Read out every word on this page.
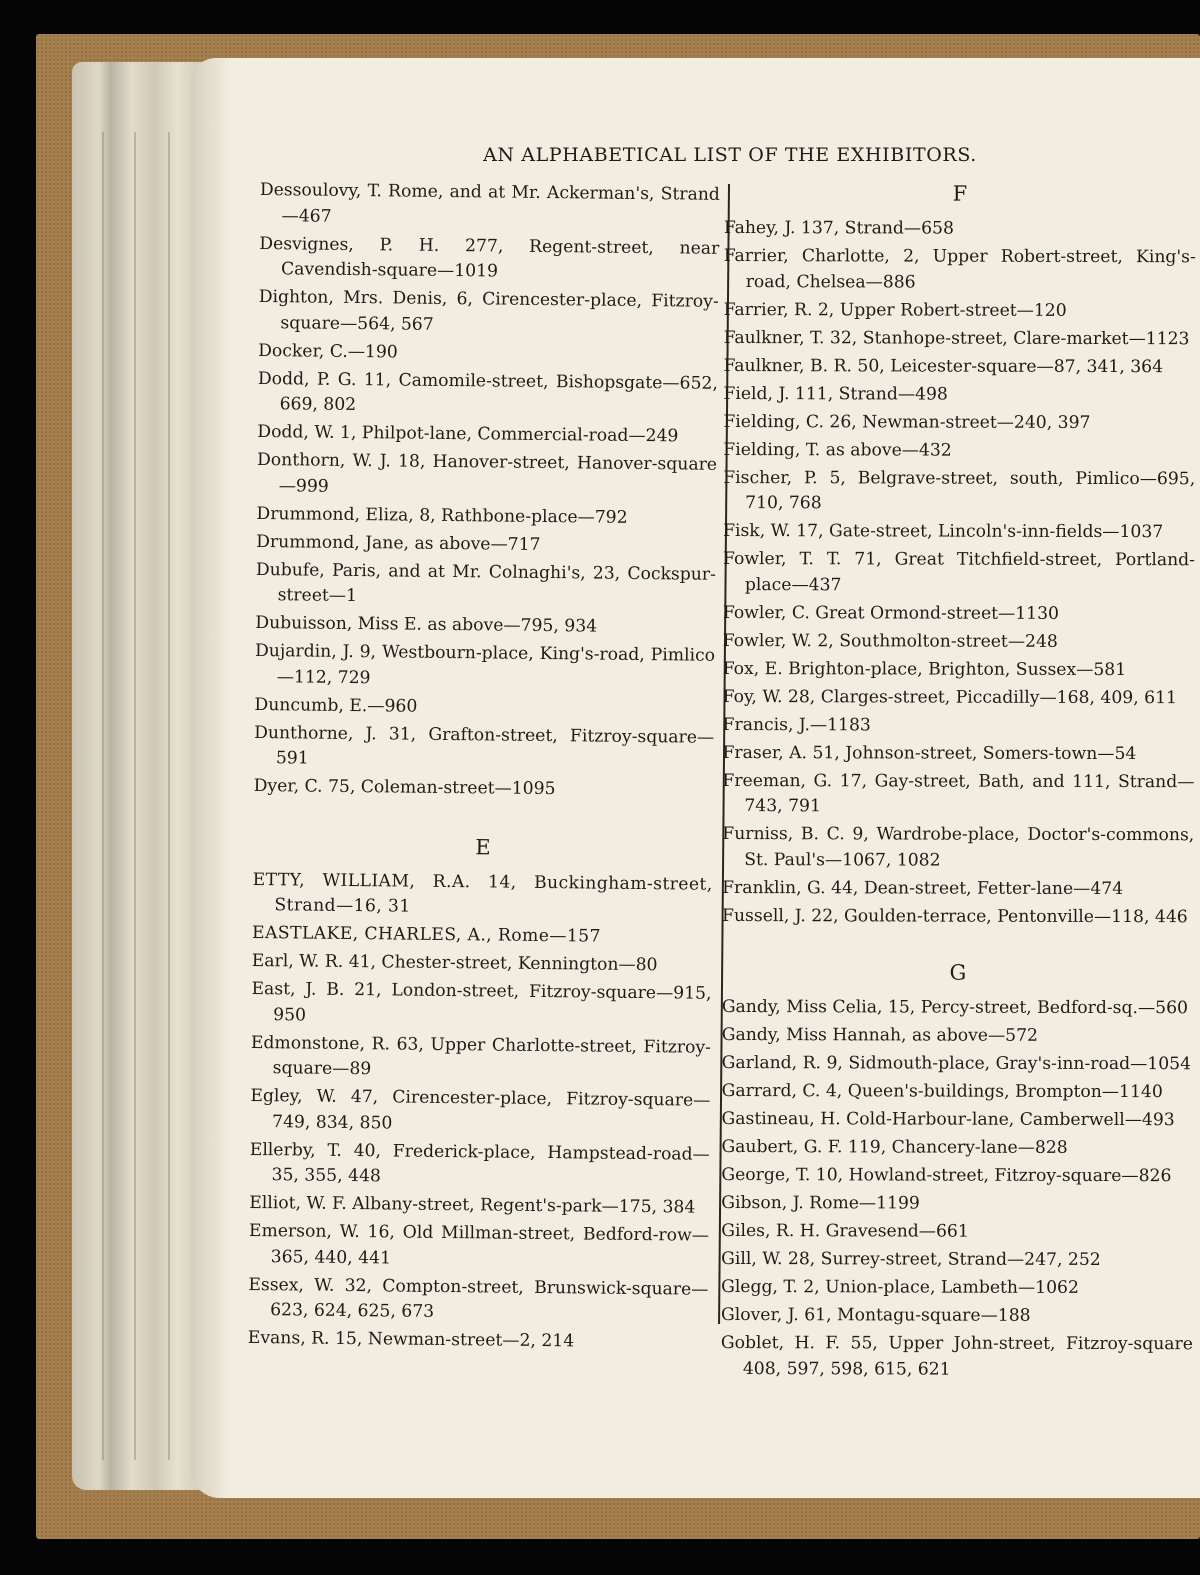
AN ALPHABETICAL LIST OF THE EXHIBITORS.
Dessoulovy, T. Rome, and at Mr. Ackerman's, Strand —467
Desvignes, P. H. 277, Regent-street, near Cavendish-square—1019
Dighton, Mrs. Denis, 6, Cirencester-place, Fitzroy-square—564, 567
Docker, C.—190
Dodd, P. G. 11, Camomile-street, Bishopsgate—652, 669, 802
Dodd, W. 1, Philpot-lane, Commercial-road—249
Donthorn, W. J. 18, Hanover-street, Hanover-square —999
Drummond, Eliza, 8, Rathbone-place—792
Drummond, Jane, as above—717
Dubufe, Paris, and at Mr. Colnaghi's, 23, Cockspur-street—1
Dubuisson, Miss E. as above—795, 934
Dujardin, J. 9, Westbourn-place, King's-road, Pimlico —112, 729
Duncumb, E.—960
Dunthorne, J. 31, Grafton-street, Fitzroy-square—591
Dyer, C. 75, Coleman-street—1095
E
ETTY, WILLIAM, R.A. 14, Buckingham-street, Strand—16, 31
EASTLAKE, CHARLES, A., Rome—157
Earl, W. R. 41, Chester-street, Kennington—80
East, J. B. 21, London-street, Fitzroy-square—915, 950
Edmonstone, R. 63, Upper Charlotte-street, Fitzroy-square—89
Egley, W. 47, Cirencester-place, Fitzroy-square—749, 834, 850
Ellerby, T. 40, Frederick-place, Hampstead-road—35, 355, 448
Elliot, W. F. Albany-street, Regent's-park—175, 384
Emerson, W. 16, Old Millman-street, Bedford-row— 365, 440, 441
Essex, W. 32, Compton-street, Brunswick-square— 623, 624, 625, 673
Evans, R. 15, Newman-street—2, 214
F
Fahey, J. 137, Strand—658
Farrier, Charlotte, 2, Upper Robert-street, King's-road, Chelsea—886
Farrier, R. 2, Upper Robert-street—120
Faulkner, T. 32, Stanhope-street, Clare-market—1123
Faulkner, B. R. 50, Leicester-square—87, 341, 364
Field, J. 111, Strand—498
Fielding, C. 26, Newman-street—240, 397
Fielding, T. as above—432
Fischer, P. 5, Belgrave-street, south, Pimlico—695, 710, 768
Fisk, W. 17, Gate-street, Lincoln's-inn-fields—1037
Fowler, T. T. 71, Great Titchfield-street, Portland-place—437
Fowler, C. Great Ormond-street—1130
Fowler, W. 2, Southmolton-street—248
Fox, E. Brighton-place, Brighton, Sussex—581
Foy, W. 28, Clarges-street, Piccadilly—168, 409, 611
Francis, J.—1183
Fraser, A. 51, Johnson-street, Somers-town—54
Freeman, G. 17, Gay-street, Bath, and 111, Strand— 743, 791
Furniss, B. C. 9, Wardrobe-place, Doctor's-commons, St. Paul's—1067, 1082
Franklin, G. 44, Dean-street, Fetter-lane—474
Fussell, J. 22, Goulden-terrace, Pentonville—118, 446
G
Gandy, Miss Celia, 15, Percy-street, Bedford-sq.—560
Gandy, Miss Hannah, as above—572
Garland, R. 9, Sidmouth-place, Gray's-inn-road—1054
Garrard, C. 4, Queen's-buildings, Brompton—1140
Gastineau, H. Cold-Harbour-lane, Camberwell—493
Gaubert, G. F. 119, Chancery-lane—828
George, T. 10, Howland-street, Fitzroy-square—826
Gibson, J. Rome—1199
Giles, R. H. Gravesend—661
Gill, W. 28, Surrey-street, Strand—247, 252
Glegg, T. 2, Union-place, Lambeth—1062
Glover, J. 61, Montagu-square—188
Goblet, H. F. 55, Upper John-street, Fitzroy-square 408, 597, 598, 615, 621
